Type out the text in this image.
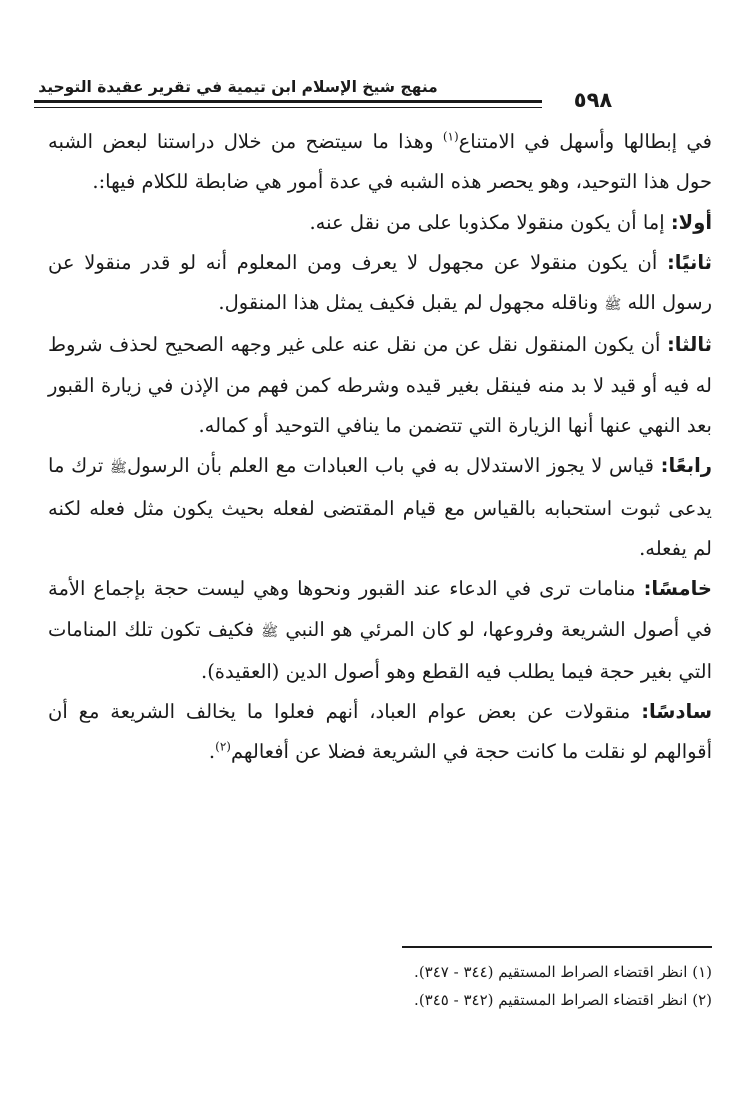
منهج شيخ الإسلام ابن تيمية في تقرير عقيدة التوحيد
٥٩٨

في إبطالها وأسهل في الامتناع$^{(١)}$ وهذا ما سيتضح من خلال دراستنا لبعض الشبه حول هذا التوحيد، وهو يحصر هذه الشبه في عدة أمور هي ضابطة للكلام فيها:.

أولا: إما أن يكون منقولا مكذوبا على من نقل عنه.

ثانيًا: أن يكون منقولا عن مجهول لا يعرف ومن المعلوم أنه لو قدر منقولا عن رسول الله ﷺ وناقله مجهول لم يقبل فكيف يمثل هذا المنقول.

ثالثا: أن يكون المنقول نقل عن من نقل عنه على غير وجهه الصحيح لحذف شروط له فيه أو قيد لا بد منه فينقل بغير قيده وشرطه كمن فهم من الإذن في زيارة القبور بعد النهي عنها أنها الزيارة التي تتضمن ما ينافي التوحيد أو كماله.

رابعًا: قياس لا يجوز الاستدلال به في باب العبادات مع العلم بأن الرسولﷺ ترك ما يدعى ثبوت استحبابه بالقياس مع قيام المقتضى لفعله بحيث يكون مثل فعله لكنه لم يفعله.

خامسًا: منامات ترى في الدعاء عند القبور ونحوها وهي ليست حجة بإجماع الأمة في أصول الشريعة وفروعها، لو كان المرئي هو النبي ﷺ فكيف تكون تلك المنامات التي بغير حجة فيما يطلب فيه القطع وهو أصول الدين (العقيدة).

سادسًا: منقولات عن بعض عوام العباد، أنهم فعلوا ما يخالف الشريعة مع أن أقوالهم لو نقلت ما كانت حجة في الشريعة فضلا عن أفعالهم$^{(٢)}$.

(١) انظر اقتضاء الصراط المستقيم (٣٤٤ - ٣٤٧).

(٢) انظر اقتضاء الصراط المستقيم (٣٤٢ - ٣٤٥).
